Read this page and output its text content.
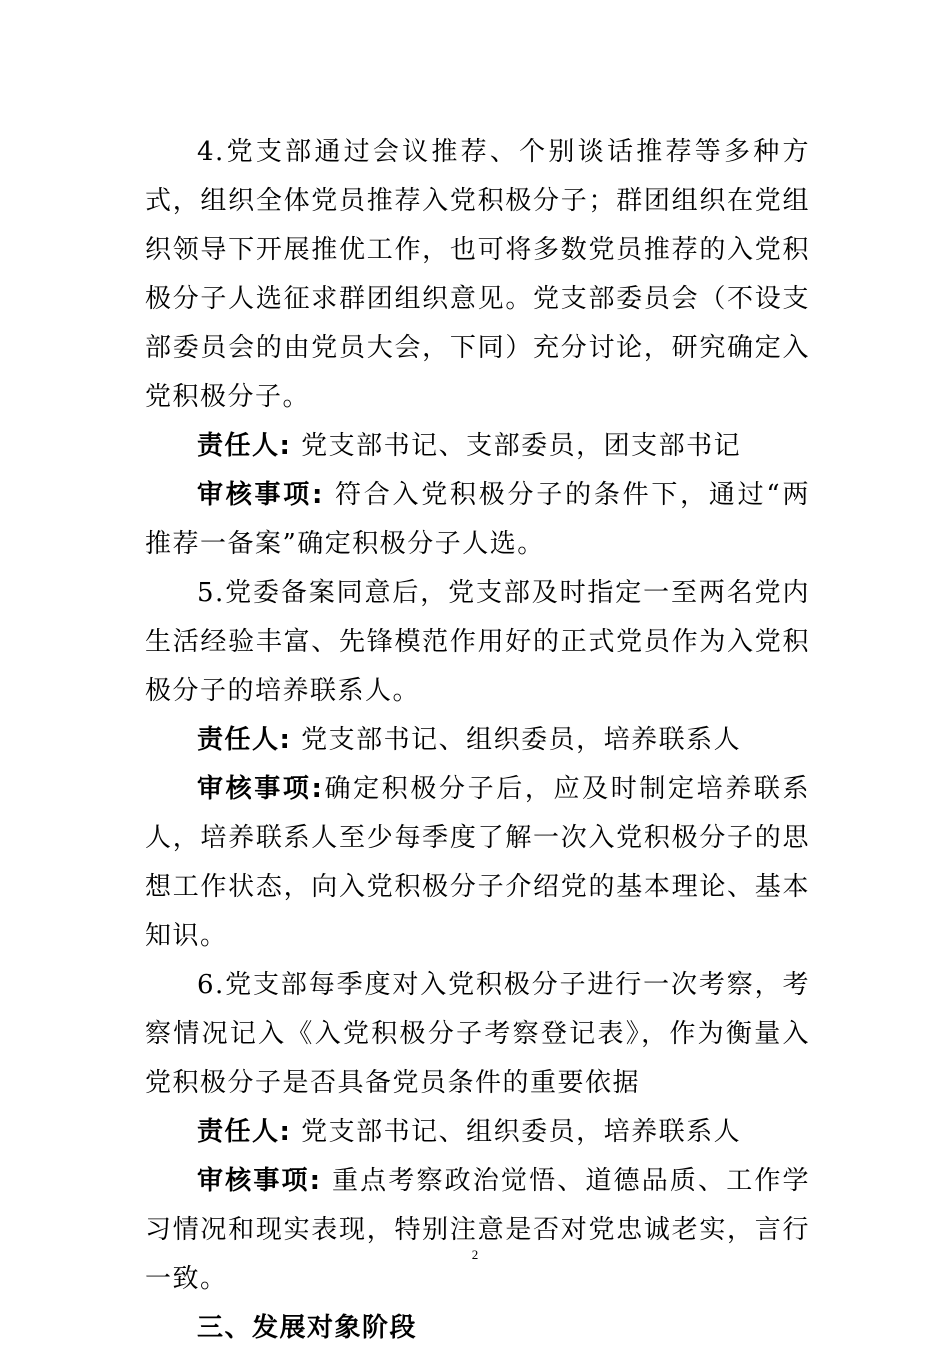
4.党支部通过会议推荐、个别谈话推荐等多种方式，组织全体党员推荐入党积极分子；群团组织在党组织领导下开展推优工作，也可将多数党员推荐的入党积极分子人选征求群团组织意见。党支部委员会（不设支部委员会的由党员大会，下同）充分讨论，研究确定入党积极分子。

责任人: 党支部书记、支部委员，团支部书记

审核事项: 符合入党积极分子的条件下，通过“两推荐一备案”确定积极分子人选。

5.党委备案同意后，党支部及时指定一至两名党内生活经验丰富、先锋模范作用好的正式党员作为入党积极分子的培养联系人。

责任人: 党支部书记、组织委员，培养联系人

审核事项:确定积极分子后，应及时制定培养联系人，培养联系人至少每季度了解一次入党积极分子的思想工作状态，向入党积极分子介绍党的基本理论、基本知识。

6.党支部每季度对入党积极分子进行一次考察，考察情况记入《入党积极分子考察登记表》，作为衡量入党积极分子是否具备党员条件的重要依据

责任人: 党支部书记、组织委员，培养联系人

审核事项: 重点考察政治觉悟、道德品质、工作学习情况和现实表现，特别注意是否对党忠诚老实，言行一致。

三、发展对象阶段

2
